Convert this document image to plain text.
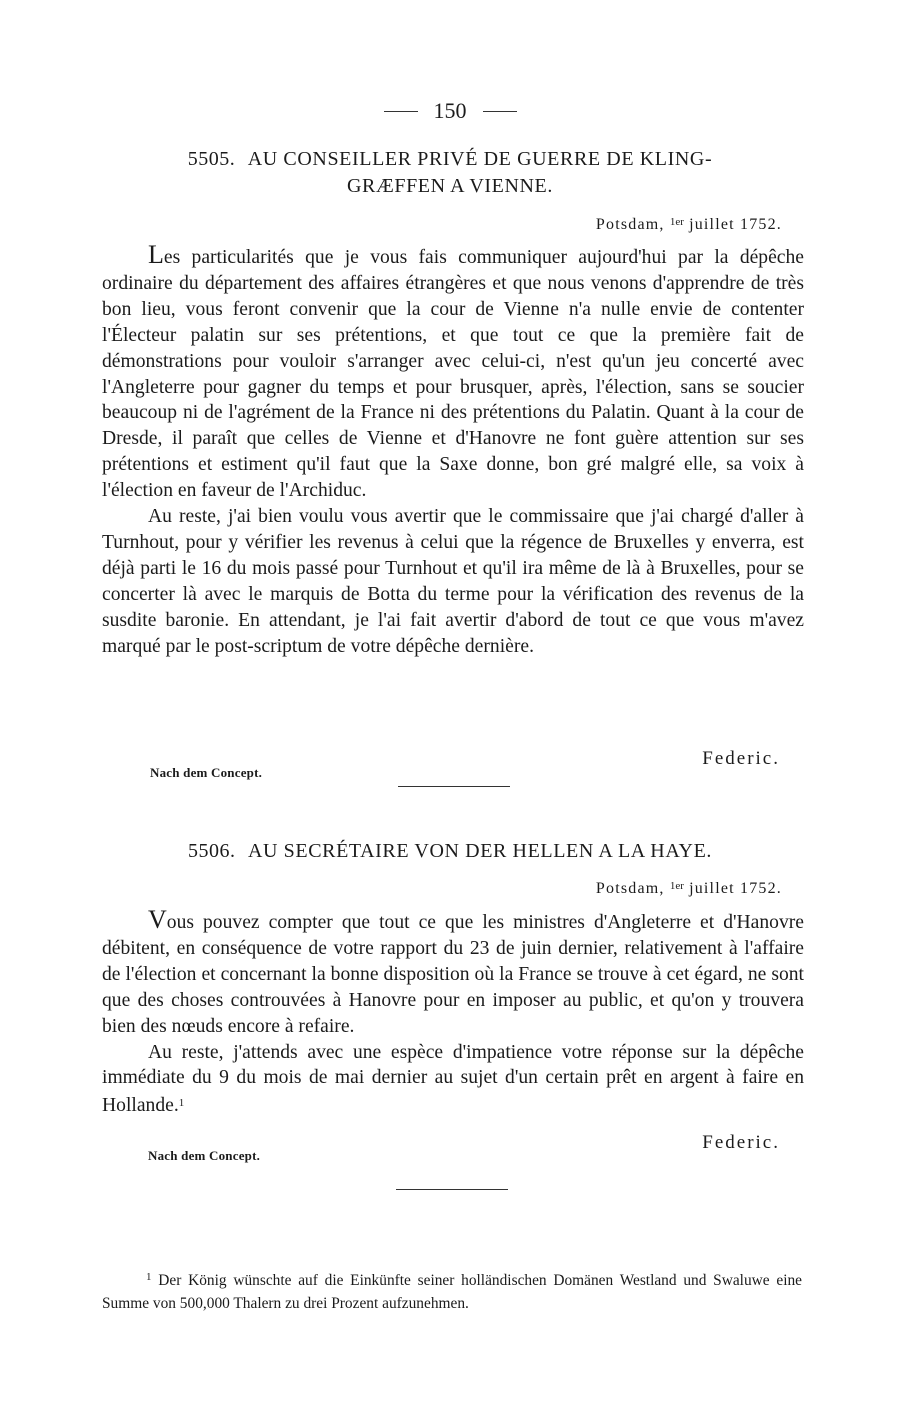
150
5505. AU CONSEILLER PRIVÉ DE GUERRE DE KLING-
GRÆFFEN A VIENNE.
Potsdam, $^{1er}$ juillet 1752.

Les particularités que je vous fais communiquer aujourd'hui par la dépêche ordinaire du département des affaires étrangères et que nous venons d'apprendre de très bon lieu, vous feront convenir que la cour de Vienne n'a nulle envie de contenter l'Électeur palatin sur ses prétentions, et que tout ce que la première fait de démonstrations pour vouloir s'arranger avec celui-ci, n'est qu'un jeu concerté avec l'Angleterre pour gagner du temps et pour brusquer, après, l'élection, sans se soucier beaucoup ni de l'agrément de la France ni des prétentions du Palatin. Quant à la cour de Dresde, il paraît que celles de Vienne et d'Hanovre ne font guère attention sur ses prétentions et estiment qu'il faut que la Saxe donne, bon gré malgré elle, sa voix à l'élection en faveur de l'Archiduc.

Au reste, j'ai bien voulu vous avertir que le commissaire que j'ai chargé d'aller à Turnhout, pour y vérifier les revenus à celui que la régence de Bruxelles y enverra, est déjà parti le 16 du mois passé pour Turnhout et qu'il ira même de là à Bruxelles, pour se concerter là avec le marquis de Botta du terme pour la vérification des revenus de la susdite baronie. En attendant, je l'ai fait avertir d'abord de tout ce que vous m'avez marqué par le post-scriptum de votre dépêche dernière.

Federic.
Nach dem Concept.
5506. AU SECRÉTAIRE VON DER HELLEN A LA HAYE.
Potsdam, $^{1er}$ juillet 1752.

Vous pouvez compter que tout ce que les ministres d'Angleterre et d'Hanovre débitent, en conséquence de votre rapport du 23 de juin dernier, relativement à l'affaire de l'élection et concernant la bonne disposition où la France se trouve à cet égard, ne sont que des choses controuvées à Hanovre pour en imposer au public, et qu'on y trouvera bien des nœuds encore à refaire.

Au reste, j'attends avec une espèce d'impatience votre réponse sur la dépêche immédiate du 9 du mois de mai dernier au sujet d'un certain prêt en argent à faire en Hollande.$^1$

Federic.
Nach dem Concept.

$^1$ Der König wünschte auf die Einkünfte seiner holländischen Domänen Westland und Swaluwe eine Summe von 500,000 Thalern zu drei Prozent aufzunehmen.
